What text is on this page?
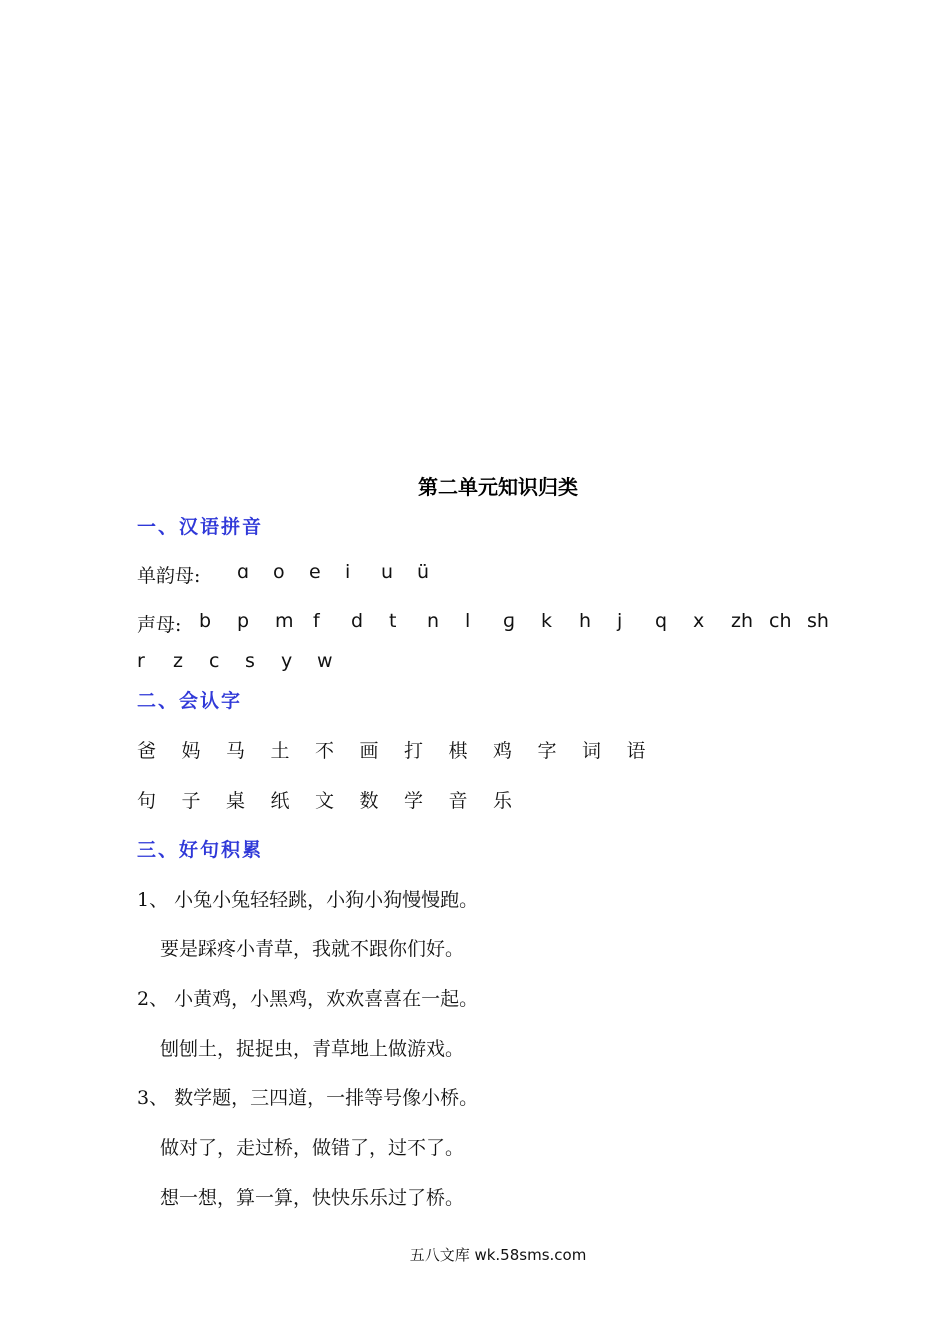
第二单元知识归类
一、汉语拼音
单韵母:	ɑ	o	e	i	u	ü
声母: b	p	m	f	d	t	n	l	ɡ	k	h	j	q	x	zh ch sh
r	z	c	s	y	w
二、会认字
爸	妈	马	土	不	画	打	棋	鸡	字	词	语
句	子	桌	纸	文	数	学	音	乐
三、好句积累
1、 小兔小兔轻轻跳，小狗小狗慢慢跑。
要是踩疼小青草，我就不跟你们好。
2、 小黄鸡，小黑鸡，欢欢喜喜在一起。
刨刨土，捉捉虫，青草地上做游戏。
3、 数学题，三四道，一排等号像小桥。
做对了，走过桥，做错了，过不了。
想一想，算一算，快快乐乐过了桥。
五八文库 wk.58sms.com
